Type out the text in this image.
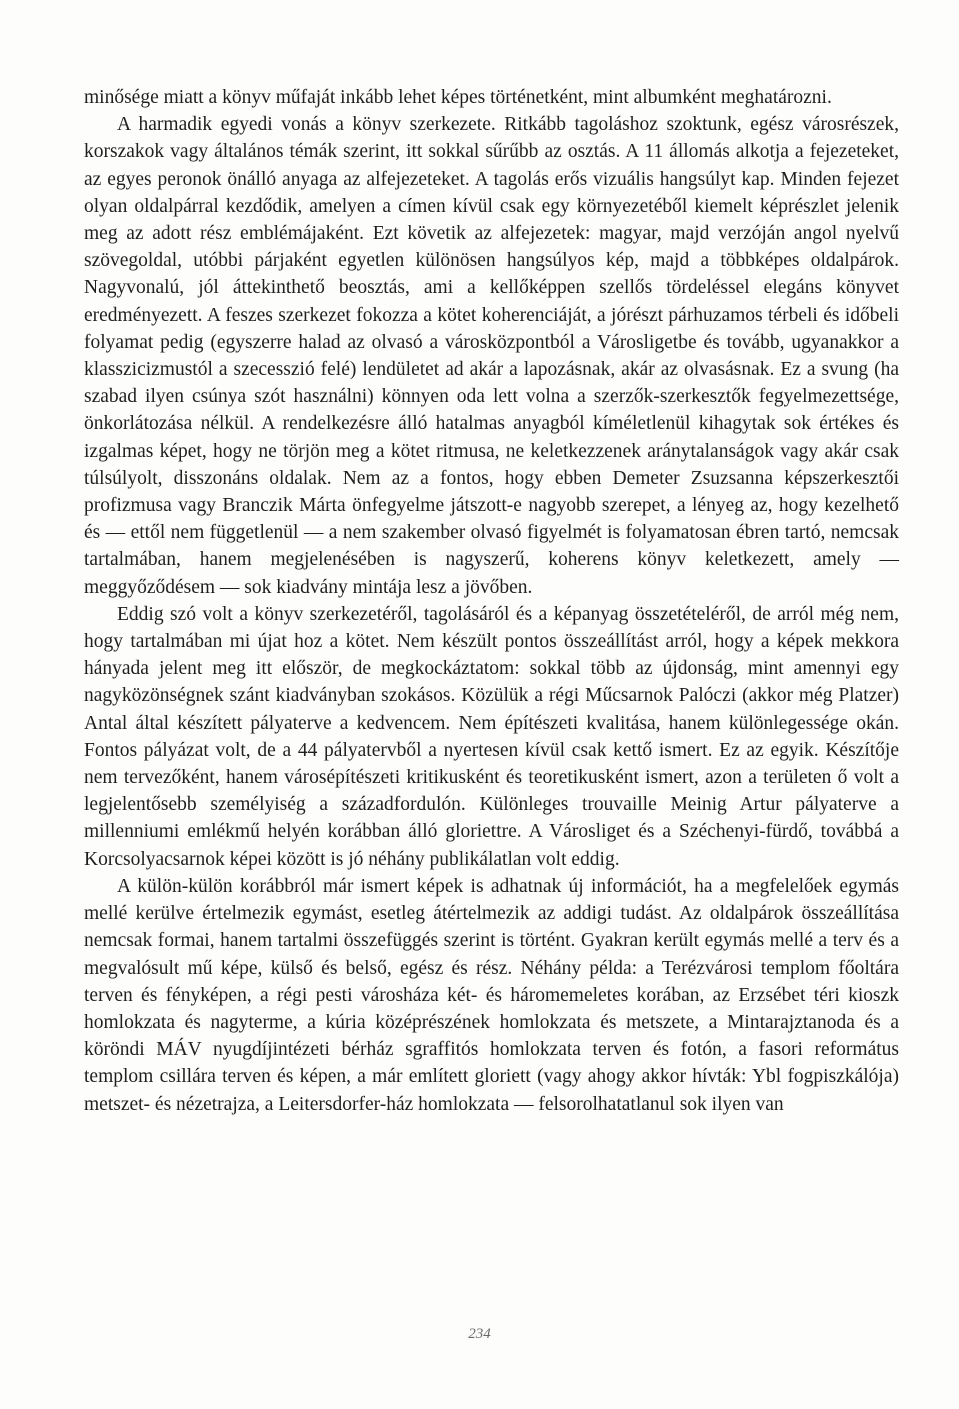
minősége miatt a könyv műfaját inkább lehet képes történetként, mint albumként meghatározni.

A harmadik egyedi vonás a könyv szerkezete. Ritkább tagoláshoz szoktunk, egész városrészek, korszakok vagy általános témák szerint, itt sokkal sűrűbb az osztás. A 11 állomás alkotja a fejezeteket, az egyes peronok önálló anyaga az alfejezeteket. A tagolás erős vizuális hangsúlyt kap. Minden fejezet olyan oldalpárral kezdődik, amelyen a címen kívül csak egy környezetéből kiemelt képrészlet jelenik meg az adott rész emblémájaként. Ezt követik az alfejezetek: magyar, majd verzóján angol nyelvű szövegoldal, utóbbi párjaként egyetlen különösen hangsúlyos kép, majd a többképes oldalpárok. Nagyvonalú, jól áttekinthető beosztás, ami a kellőképpen szellős tördeléssel elegáns könyvet eredményezett. A feszes szerkezet fokozza a kötet koherenciáját, a jórészt párhuzamos térbeli és időbeli folyamat pedig (egyszerre halad az olvasó a városközpontból a Városligetbe és tovább, ugyanakkor a klasszicizmustól a szecesszió felé) lendületet ad akár a lapozásnak, akár az olvasásnak. Ez a svung (ha szabad ilyen csúnya szót használni) könnyen oda lett volna a szerzők-szerkesztők fegyelmezettsége, önkorlátozása nélkül. A rendelkezésre álló hatalmas anyagból kíméletlenül kihagytak sok értékes és izgalmas képet, hogy ne törjön meg a kötet ritmusa, ne keletkezzenek aránytalanságok vagy akár csak túlsúlyolt, disszonáns oldalak. Nem az a fontos, hogy ebben Demeter Zsuzsanna képszerkesztői profizmusa vagy Branczik Márta önfegyelme játszott-e nagyobb szerepet, a lényeg az, hogy kezelhető és — ettől nem függetlenül — a nem szakember olvasó figyelmét is folyamatosan ébren tartó, nemcsak tartalmában, hanem megjelenésében is nagyszerű, koherens könyv keletkezett, amely — meggyőződésem — sok kiadvány mintája lesz a jövőben.

Eddig szó volt a könyv szerkezetéről, tagolásáról és a képanyag összetételéről, de arról még nem, hogy tartalmában mi újat hoz a kötet. Nem készült pontos összeállítást arról, hogy a képek mekkora hányada jelent meg itt először, de megkockáztatom: sokkal több az újdonság, mint amennyi egy nagyközönségnek szánt kiadványban szokásos. Közülük a régi Műcsarnok Palóczi (akkor még Platzer) Antal által készített pályaterve a kedvencem. Nem építészeti kvalitása, hanem különlegessége okán. Fontos pályázat volt, de a 44 pályatervből a nyertesen kívül csak kettő ismert. Ez az egyik. Készítője nem tervezőként, hanem városépítészeti kritikusként és teoretikusként ismert, azon a területen ő volt a legjelentősebb személyiség a századfordulón. Különleges trouvaille Meinig Artur pályaterve a millenniumi emlékmű helyén korábban álló gloriettre. A Városliget és a Széchenyi-fürdő, továbbá a Korcsolyacsarnok képei között is jó néhány publikálatlan volt eddig.

A külön-külön korábbról már ismert képek is adhatnak új információt, ha a megfelelőek egymás mellé kerülve értelmezik egymást, esetleg átértelmezik az addigi tudást. Az oldalpárok összeállítása nemcsak formai, hanem tartalmi összefüggés szerint is történt. Gyakran került egymás mellé a terv és a megvalósult mű képe, külső és belső, egész és rész. Néhány példa: a Terézvárosi templom főoltára terven és fényképen, a régi pesti városháza két- és háromemeletes korában, az Erzsébet téri kioszk homlokzata és nagyterme, a kúria középrészének homlokzata és metszete, a Mintarajztanoda és a köröndi MÁV nyugdíjintézeti bérház sgraffitós homlokzata terven és fotón, a fasori református templom csillára terven és képen, a már említett gloriett (vagy ahogy akkor hívták: Ybl fogpiszkálója) metszet- és nézetrajza, a Leitersdorfer-ház homlokzata — felsorolhatatlanul sok ilyen van

234
